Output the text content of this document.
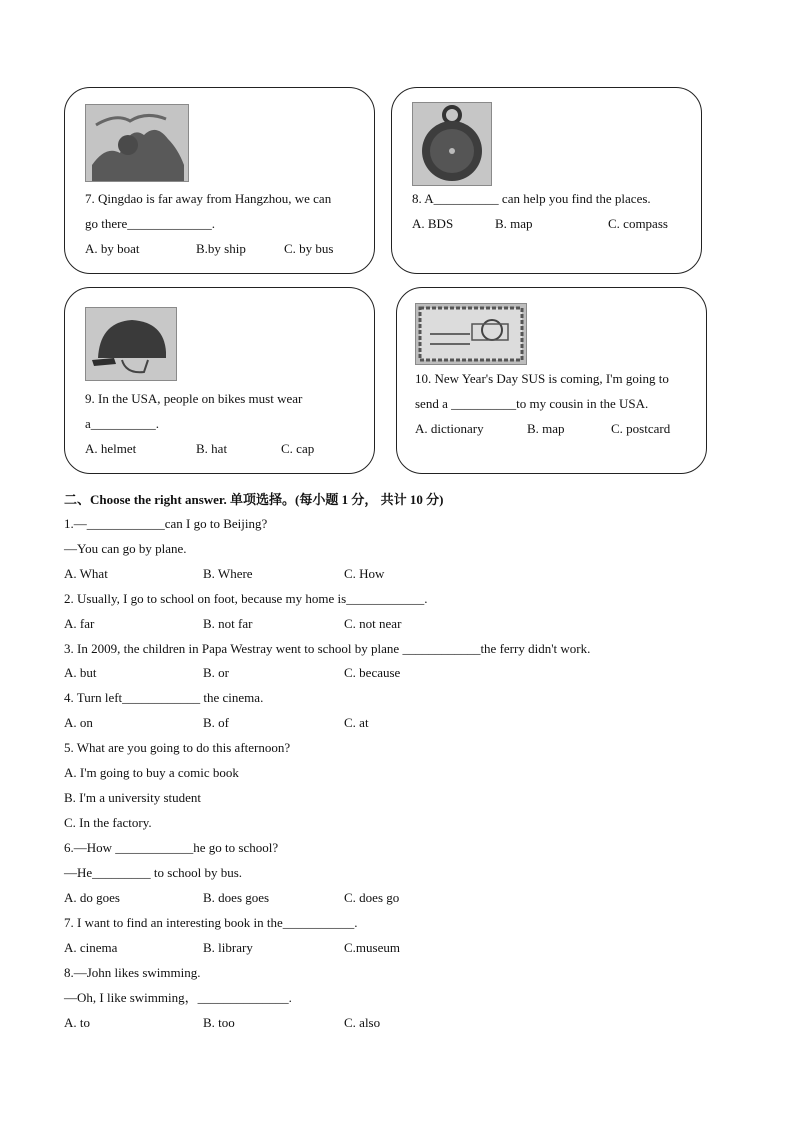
7. Qingdao is far away from Hangzhou, we can
go there_____________.
A. by boat	B.by ship	C. by bus
8. A__________ can help you find the places.
A. BDS	B. map	C. compass
9. In the USA, people on bikes must wear
a__________.
A. helmet	B. hat	C. cap
10. New Year's Day SUS is coming, I'm going to
send a __________to my cousin in the USA.
A. dictionary	B. map	C. postcard
二、Choose the right answer. 单项选择。(每小题 1 分， 共计 10 分)
1.—____________can I go to Beijing?
—You can go by plane.
A. What	B. Where	C. How
2. Usually, I go to school on foot, because my home is____________.
A. far	B. not far	C. not near
3. In 2009, the children in Papa Westray went to school by plane ____________the ferry didn't work.
A. but	B. or	C. because
4. Turn left____________ the cinema.
A. on	B. of	C. at
5. What are you going to do this afternoon?
A. I'm going to buy a comic book
B. I'm a university student
C. In the factory.
6.—How ____________he go to school?
—He_________ to school by bus.
A. do goes	B. does goes	C. does go
7. I want to find an interesting book in the___________.
A. cinema	B. library	C.museum
8.—John likes swimming.
—Oh, I like swimming，______________.
A. to	B. too	C. also
